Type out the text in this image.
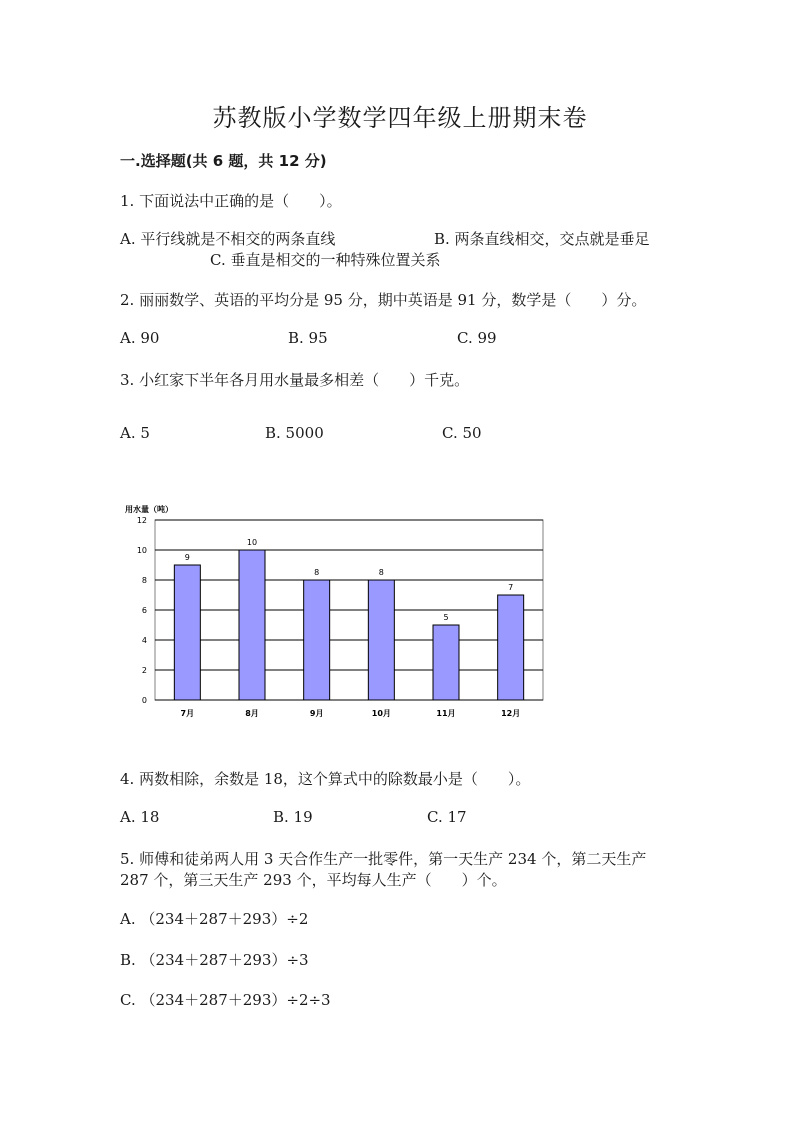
苏教版小学数学四年级上册期末卷
一.选择题(共 6 题，共 12 分)
1. 下面说法中正确的是（　　）。
A. 平行线就是不相交的两条直线	B. 两条直线相交，交点就是垂足
C. 垂直是相交的一种特殊位置关系
2. 丽丽数学、英语的平均分是 95 分，期中英语是 91 分，数学是（　　）分。
A. 90	B. 95	C. 99
3. 小红家下半年各月用水量最多相差（　　）千克。
A. 5	B. 5000	C. 50
用水量（吨）
0
2
4
6
8
10
12
9
7月
10
8月
8
9月
8
10月
5
11月
7
12月
4. 两数相除，余数是 18，这个算式中的除数最小是（　　）。
A. 18	B. 19	C. 17
5. 师傅和徒弟两人用 3 天合作生产一批零件，第一天生产 234 个，第二天生产
287 个，第三天生产 293 个，平均每人生产（　　）个。
A. （234＋287＋293）÷2
B. （234＋287＋293）÷3
C. （234＋287＋293）÷2÷3
